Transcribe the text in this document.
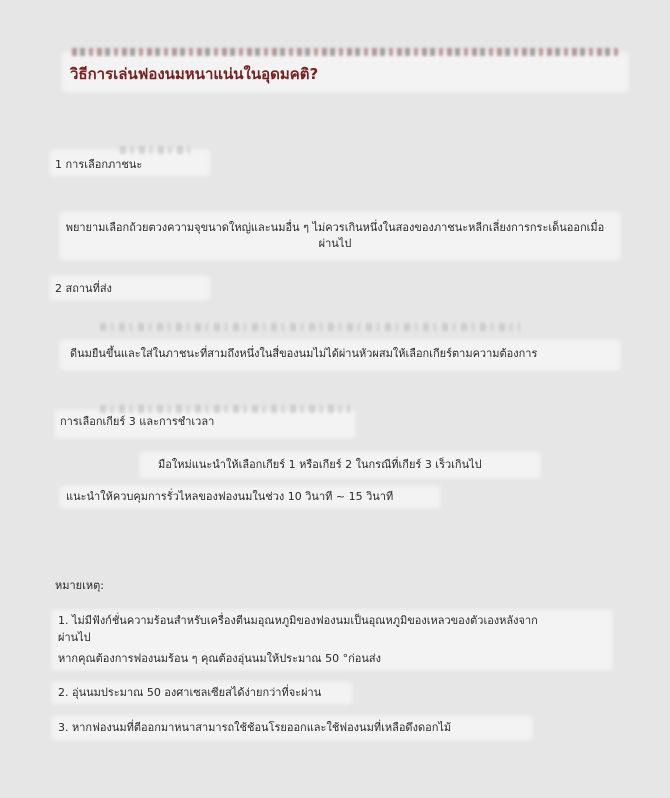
วิธีการเล่นฟองนมหนาแน่นในอุดมคติ?
1 การเลือกภาชนะ
พยายามเลือกถ้วยตวงความจุขนาดใหญ่และนมอื่น ๆ ไม่ควรเกินหนึ่งในสองของภาชนะหลีกเลี่ยงการกระเด็นออกเมื่อผ่านไป
2 สถานที่ส่ง
ดีนมยืนขึ้นและใส่ในภาชนะที่สามถึงหนึ่งในสี่ของนมไม่ได้ผ่านหัวผสมให้เลือกเกียร์ตามความต้องการ
การเลือกเกียร์ 3 และการชำเวลา
มือใหม่แนะนำให้เลือกเกียร์ 1 หรือเกียร์ 2 ในกรณีที่เกียร์ 3 เร็วเกินไป
แนะนำให้ควบคุมการรั่วไหลของฟองนมในช่วง 10 วินาที ~ 15 วินาที
หมายเหตุ:
1. ไม่มีฟังก์ชั่นความร้อนสำหรับเครื่องตีนมอุณหภูมิของฟองนมเป็นอุณหภูมิของเหลวของตัวเองหลังจาก
ผ่านไป
หากคุณต้องการฟองนมร้อน ๆ คุณต้องอุ่นนมให้ประมาณ 50 °ก่อนส่ง
2. อุ่นนมประมาณ 50 องศาเซลเซียสได้ง่ายกว่าที่จะผ่าน
3. หากฟองนมที่ตีออกมาหนาสามารถใช้ช้อนโรยออกและใช้ฟองนมที่เหลือดึงดอกไม้
